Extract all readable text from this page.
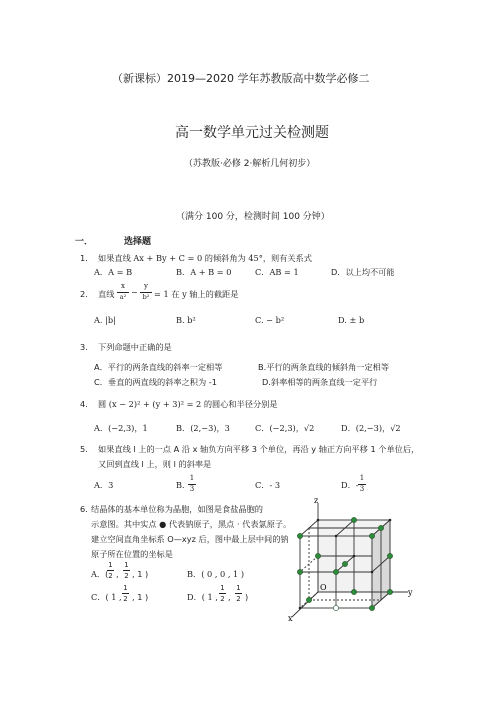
（新课标）2019—2020 学年苏教版高中数学必修二
高一数学单元过关检测题
（苏教版·必修 2·解析几何初步）
（满分 100 分，检测时间 100 分钟）
一．	选择题
1. 如果直线 Ax + By + C = 0 的倾斜角为 45°，则有关系式
A．A = B	B．A + B = 0	C．AB = 1	D．以上均不可能
2. 直线
x
a² −
y
b² = 1 在 y 轴上的截距是
A. |b|	B. b²	C. − b²	D. ± b
3. 下列命题中正确的是
A．平行的两条直线的斜率一定相等	B.平行的两条直线的倾斜角一定相等
C．垂直的两直线的斜率之积为 -1	D.斜率相等的两条直线一定平行
4. 圆 (x − 2)² + (y + 3)² = 2 的圆心和半径分别是
A．(−2,3)，1	B．(2,−3)，3	C．(−2,3)，√2	D．(2,−3)，√2
5. 如果直线 l 上的一点 A 沿 x 轴负方向平移 3 个单位，再沿 y 轴正方向平移 1 个单位后，
又回到直线 l 上，则 l 的斜率是
A．3	B．
1
3	C．- 3	D．-
1
3
6. 结晶体的基本单位称为晶胞，如图是食盐晶胞的
示意图。其中实点 ● 代表钠原子，黑点 · 代表氯原子。
建立空间直角坐标系 O—xyz 后，图中最上层中间的钠
原子所在位置的坐标是
A．(
1
2 ,
1
2 , 1 )	B．( 0 , 0 , 1 )
C．( 1 ,
1
2 , 1 )	D．( 1 ,
1
2 ,
1
2 )
z
x
y
O
